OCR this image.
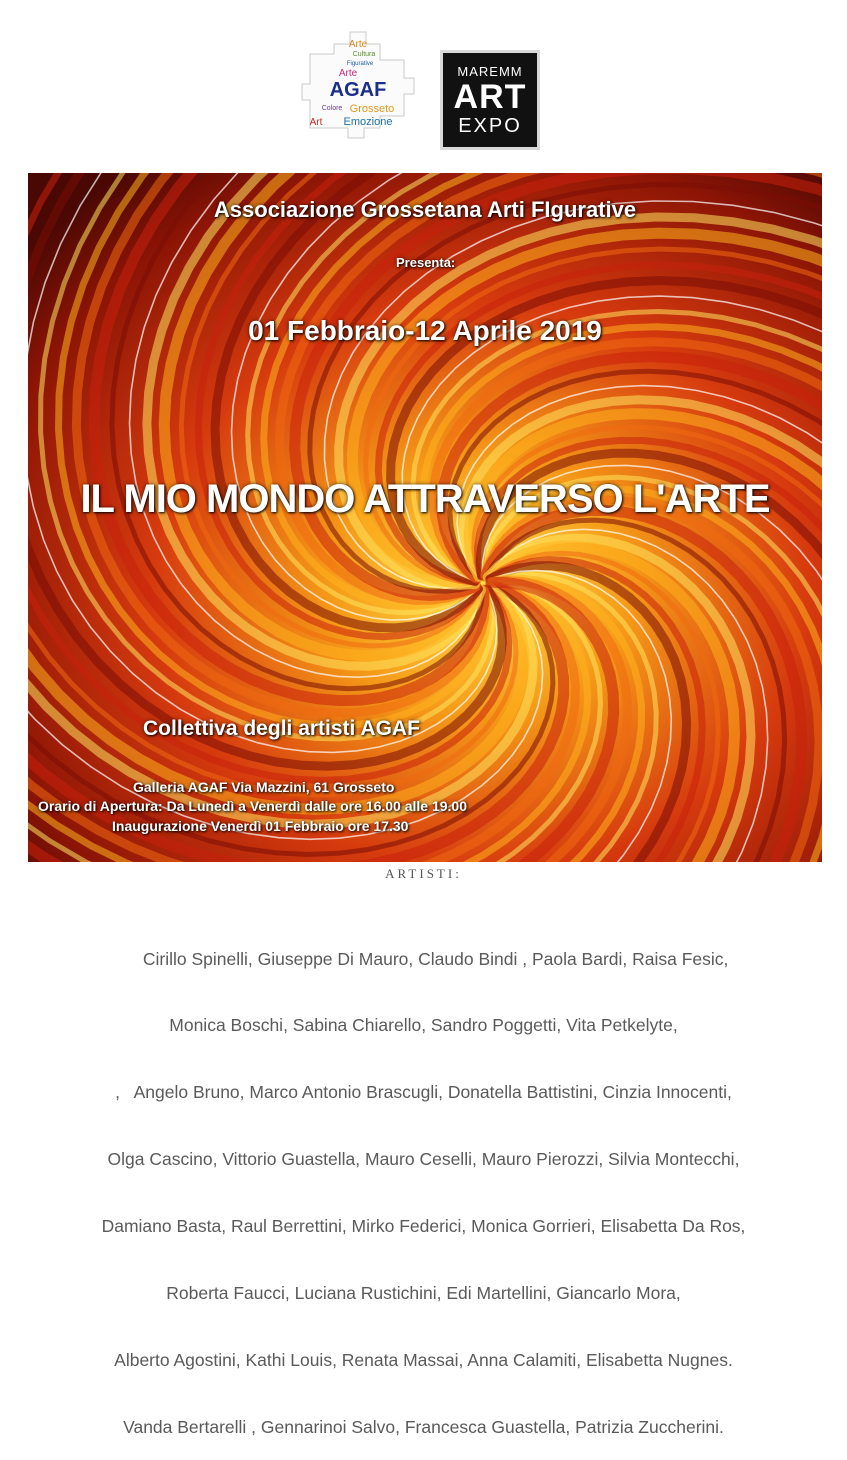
Arte
Cultura
Figurative
Arte
AGAF
Colore Grosseto
Emozione
Art
MAREMM
ART
EXPO
Associazione Grossetana Arti FIgurative
Presenta:
01 Febbraio-12 Aprile 2019
IL MIO MONDO ATTRAVERSO L'ARTE
Collettiva degli artisti AGAF
Galleria AGAF Via Mazzini, 61 Grosseto
Orario di Apertura: Da Lunedì a Venerdì dalle ore 16.00 alle 19.00
Inaugurazione Venerdì 01 Febbraio ore 17.30
ARTISTI:

Cirillo Spinelli, Giuseppe Di Mauro, Claudo Bindi , Paola Bardi, Raisa Fesic,

Monica Boschi, Sabina Chiarello, Sandro Poggetti, Vita Petkelyte,

,   Angelo Bruno, Marco Antonio Brascugli, Donatella Battistini, Cinzia Innocenti,

Olga Cascino, Vittorio Guastella, Mauro Ceselli, Mauro Pierozzi, Silvia Montecchi,

Damiano Basta, Raul Berrettini, Mirko Federici, Monica Gorrieri, Elisabetta Da Ros,

Roberta Faucci, Luciana Rustichini, Edi Martellini, Giancarlo Mora,

Alberto Agostini, Kathi Louis, Renata Massai, Anna Calamiti, Elisabetta Nugnes.

Vanda Bertarelli , Gennarinoi Salvo, Francesca Guastella, Patrizia Zuccherini.
